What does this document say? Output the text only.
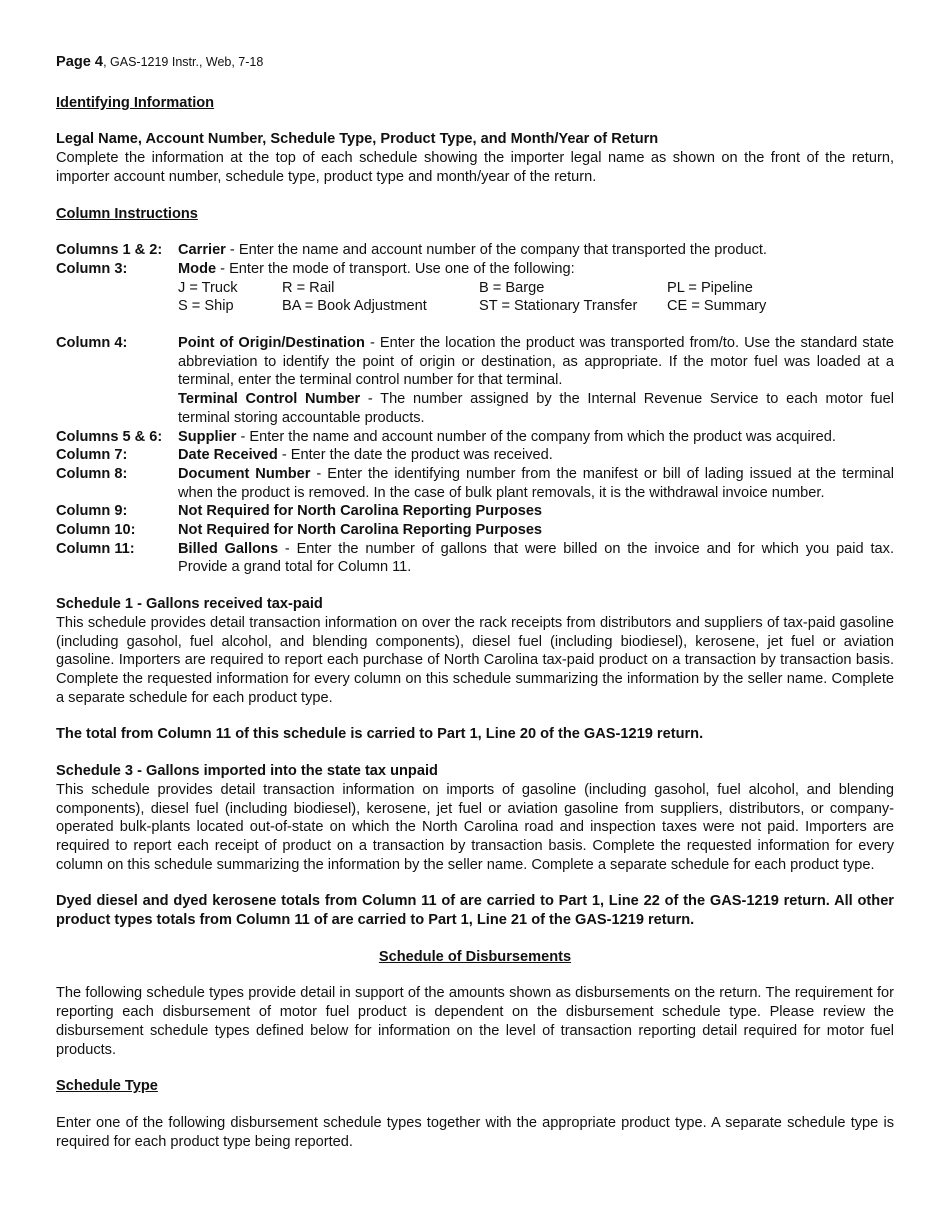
Page 4, GAS-1219 Instr., Web, 7-18
Identifying Information
Legal Name, Account Number, Schedule Type, Product Type, and Month/Year of Return
Complete the information at the top of each schedule showing the importer legal name as shown on the front of the return, importer account number, schedule type, product type and month/year of the return.
Column Instructions
Columns 1 & 2:	Carrier - Enter the name and account number of the company that transported the product.
Column 3:	Mode - Enter the mode of transport. Use one of the following:
J = Truck	R = Rail	B = Barge	PL = Pipeline
S = Ship	BA = Book Adjustment	ST = Stationary Transfer	CE = Summary
Column 4:	Point of Origin/Destination - Enter the location the product was transported from/to. Use the standard state abbreviation to identify the point of origin or destination, as appropriate. If the motor fuel was loaded at a terminal, enter the terminal control number for that terminal.
Terminal Control Number - The number assigned by the Internal Revenue Service to each motor fuel terminal storing accountable products.
Columns 5 & 6:	Supplier - Enter the name and account number of the company from which the product was acquired.
Column 7:	Date Received - Enter the date the product was received.
Column 8:	Document Number - Enter the identifying number from the manifest or bill of lading issued at the terminal when the product is removed. In the case of bulk plant removals, it is the withdrawal invoice number.
Column 9:	Not Required for North Carolina Reporting Purposes
Column 10:	Not Required for North Carolina Reporting Purposes
Column 11:	Billed Gallons - Enter the number of gallons that were billed on the invoice and for which you paid tax. Provide a grand total for Column 11.
Schedule 1 - Gallons received tax-paid
This schedule provides detail transaction information on over the rack receipts from distributors and suppliers of tax-paid gasoline (including gasohol, fuel alcohol, and blending components), diesel fuel (including biodiesel), kerosene, jet fuel or aviation gasoline. Importers are required to report each purchase of North Carolina tax-paid product on a transaction by transaction basis. Complete the requested information for every column on this schedule summarizing the information by the seller name. Complete a separate schedule for each product type.
The total from Column 11 of this schedule is carried to Part 1, Line 20 of the GAS-1219 return.
Schedule 3 - Gallons imported into the state tax unpaid
This schedule provides detail transaction information on imports of gasoline (including gasohol, fuel alcohol, and blending components), diesel fuel (including biodiesel), kerosene, jet fuel or aviation gasoline from suppliers, distributors, or company-operated bulk-plants located out-of-state on which the North Carolina road and inspection taxes were not paid. Importers are required to report each receipt of product on a transaction by transaction basis. Complete the requested information for every column on this schedule summarizing the information by the seller name. Complete a separate schedule for each product type.
Dyed diesel and dyed kerosene totals from Column 11 of are carried to Part 1, Line 22 of the GAS-1219 return. All other product types totals from Column 11 of are carried to Part 1, Line 21 of the GAS-1219 return.
Schedule of Disbursements
The following schedule types provide detail in support of the amounts shown as disbursements on the return. The requirement for reporting each disbursement of motor fuel product is dependent on the disbursement schedule type. Please review the disbursement schedule types defined below for information on the level of transaction reporting detail required for motor fuel products.
Schedule Type
Enter one of the following disbursement schedule types together with the appropriate product type. A separate schedule type is required for each product type being reported.
